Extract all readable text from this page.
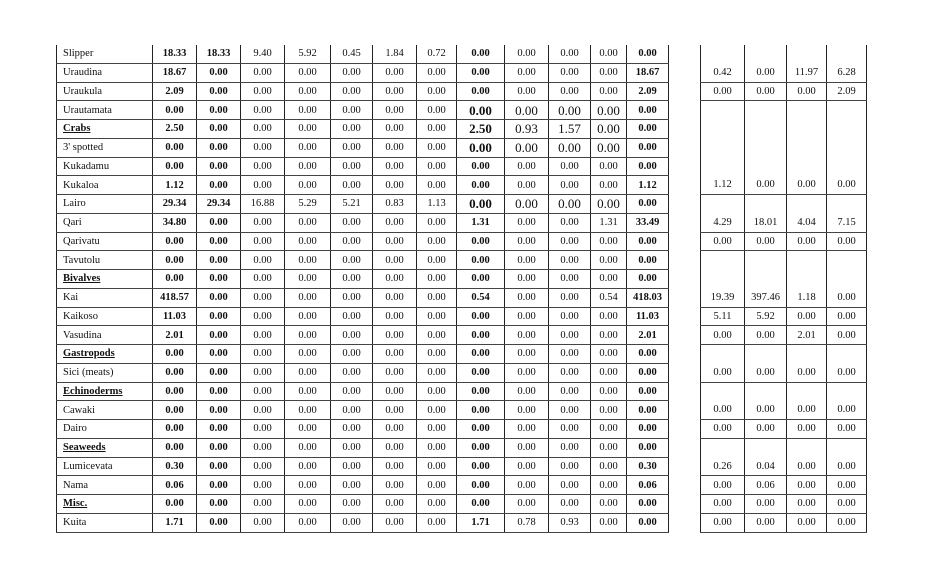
Slipper	18.33	18.33	9.40	5.92	0.45	1.84	0.72	0.00	0.00	0.00	0.00	0.00					
Uraudina	18.67	0.00	0.00	0.00	0.00	0.00	0.00	0.00	0.00	0.00	0.00	18.67		0.42	0.00	11.97	6.28
Uraukula	2.09	0.00	0.00	0.00	0.00	0.00	0.00	0.00	0.00	0.00	0.00	2.09		0.00	0.00	0.00	2.09
Urautamata	0.00	0.00	0.00	0.00	0.00	0.00	0.00	0.00	0.00	0.00	0.00	0.00					
Crabs	2.50	0.00	0.00	0.00	0.00	0.00	0.00	2.50	0.93	1.57	0.00	0.00					
3' spotted	0.00	0.00	0.00	0.00	0.00	0.00	0.00	0.00	0.00	0.00	0.00	0.00					
Kukadamu	0.00	0.00	0.00	0.00	0.00	0.00	0.00	0.00	0.00	0.00	0.00	0.00					
Kukaloa	1.12	0.00	0.00	0.00	0.00	0.00	0.00	0.00	0.00	0.00	0.00	1.12		1.12	0.00	0.00	0.00
Lairo	29.34	29.34	16.88	5.29	5.21	0.83	1.13	0.00	0.00	0.00	0.00	0.00					
Qari	34.80	0.00	0.00	0.00	0.00	0.00	0.00	1.31	0.00	0.00	1.31	33.49		4.29	18.01	4.04	7.15
Qarivatu	0.00	0.00	0.00	0.00	0.00	0.00	0.00	0.00	0.00	0.00	0.00	0.00		0.00	0.00	0.00	0.00
Tavutolu	0.00	0.00	0.00	0.00	0.00	0.00	0.00	0.00	0.00	0.00	0.00	0.00					
Bivalves	0.00	0.00	0.00	0.00	0.00	0.00	0.00	0.00	0.00	0.00	0.00	0.00					
Kai	418.57	0.00	0.00	0.00	0.00	0.00	0.00	0.54	0.00	0.00	0.54	418.03		19.39	397.46	1.18	0.00
Kaikoso	11.03	0.00	0.00	0.00	0.00	0.00	0.00	0.00	0.00	0.00	0.00	11.03		5.11	5.92	0.00	0.00
Vasudina	2.01	0.00	0.00	0.00	0.00	0.00	0.00	0.00	0.00	0.00	0.00	2.01		0.00	0.00	2.01	0.00
Gastropods	0.00	0.00	0.00	0.00	0.00	0.00	0.00	0.00	0.00	0.00	0.00	0.00					
Sici (meats)	0.00	0.00	0.00	0.00	0.00	0.00	0.00	0.00	0.00	0.00	0.00	0.00		0.00	0.00	0.00	0.00
Echinoderms	0.00	0.00	0.00	0.00	0.00	0.00	0.00	0.00	0.00	0.00	0.00	0.00					
Cawaki	0.00	0.00	0.00	0.00	0.00	0.00	0.00	0.00	0.00	0.00	0.00	0.00		0.00	0.00	0.00	0.00
Dairo	0.00	0.00	0.00	0.00	0.00	0.00	0.00	0.00	0.00	0.00	0.00	0.00		0.00	0.00	0.00	0.00
Seaweeds	0.00	0.00	0.00	0.00	0.00	0.00	0.00	0.00	0.00	0.00	0.00	0.00					
Lumicevata	0.30	0.00	0.00	0.00	0.00	0.00	0.00	0.00	0.00	0.00	0.00	0.30		0.26	0.04	0.00	0.00
Nama	0.06	0.00	0.00	0.00	0.00	0.00	0.00	0.00	0.00	0.00	0.00	0.06		0.00	0.06	0.00	0.00
Misc.	0.00	0.00	0.00	0.00	0.00	0.00	0.00	0.00	0.00	0.00	0.00	0.00		0.00	0.00	0.00	0.00
Kuita	1.71	0.00	0.00	0.00	0.00	0.00	0.00	1.71	0.78	0.93	0.00	0.00		0.00	0.00	0.00	0.00
